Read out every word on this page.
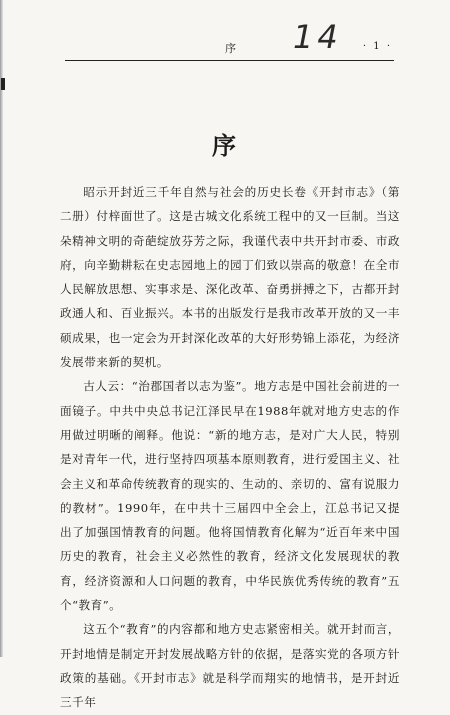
序 14 · 1 ·
序

昭示开封近三千年自然与社会的历史长卷《开封市志》（第二册）付梓面世了。这是古城文化系统工程中的又一巨制。当这朵精神文明的奇葩绽放芬芳之际，我谨代表中共开封市委、市政府，向辛勤耕耘在史志园地上的园丁们致以崇高的敬意！在全市人民解放思想、实事求是、深化改革、奋勇拼搏之下，古都开封政通人和、百业振兴。本书的出版发行是我市改革开放的又一丰硕成果，也一定会为开封深化改革的大好形势锦上添花，为经济发展带来新的契机。

古人云：“治郡国者以志为鉴”。地方志是中国社会前进的一面镜子。中共中央总书记江泽民早在1988年就对地方史志的作用做过明晰的阐释。他说：“新的地方志，是对广大人民，特别是对青年一代，进行坚持四项基本原则教育，进行爱国主义、社会主义和革命传统教育的现实的、生动的、亲切的、富有说服力的教材”。1990年，在中共十三届四中全会上，江总书记又提出了加强国情教育的问题。他将国情教育化解为“近百年来中国历史的教育，社会主义必然性的教育，经济文化发展现状的教育，经济资源和人口问题的教育，中华民族优秀传统的教育”五个“教育”。

这五个“教育”的内容都和地方史志紧密相关。就开封而言，开封地情是制定开封发展战略方针的依据，是落实党的各项方针政策的基础。《开封市志》就是科学而翔实的地情书，是开封近三千年
